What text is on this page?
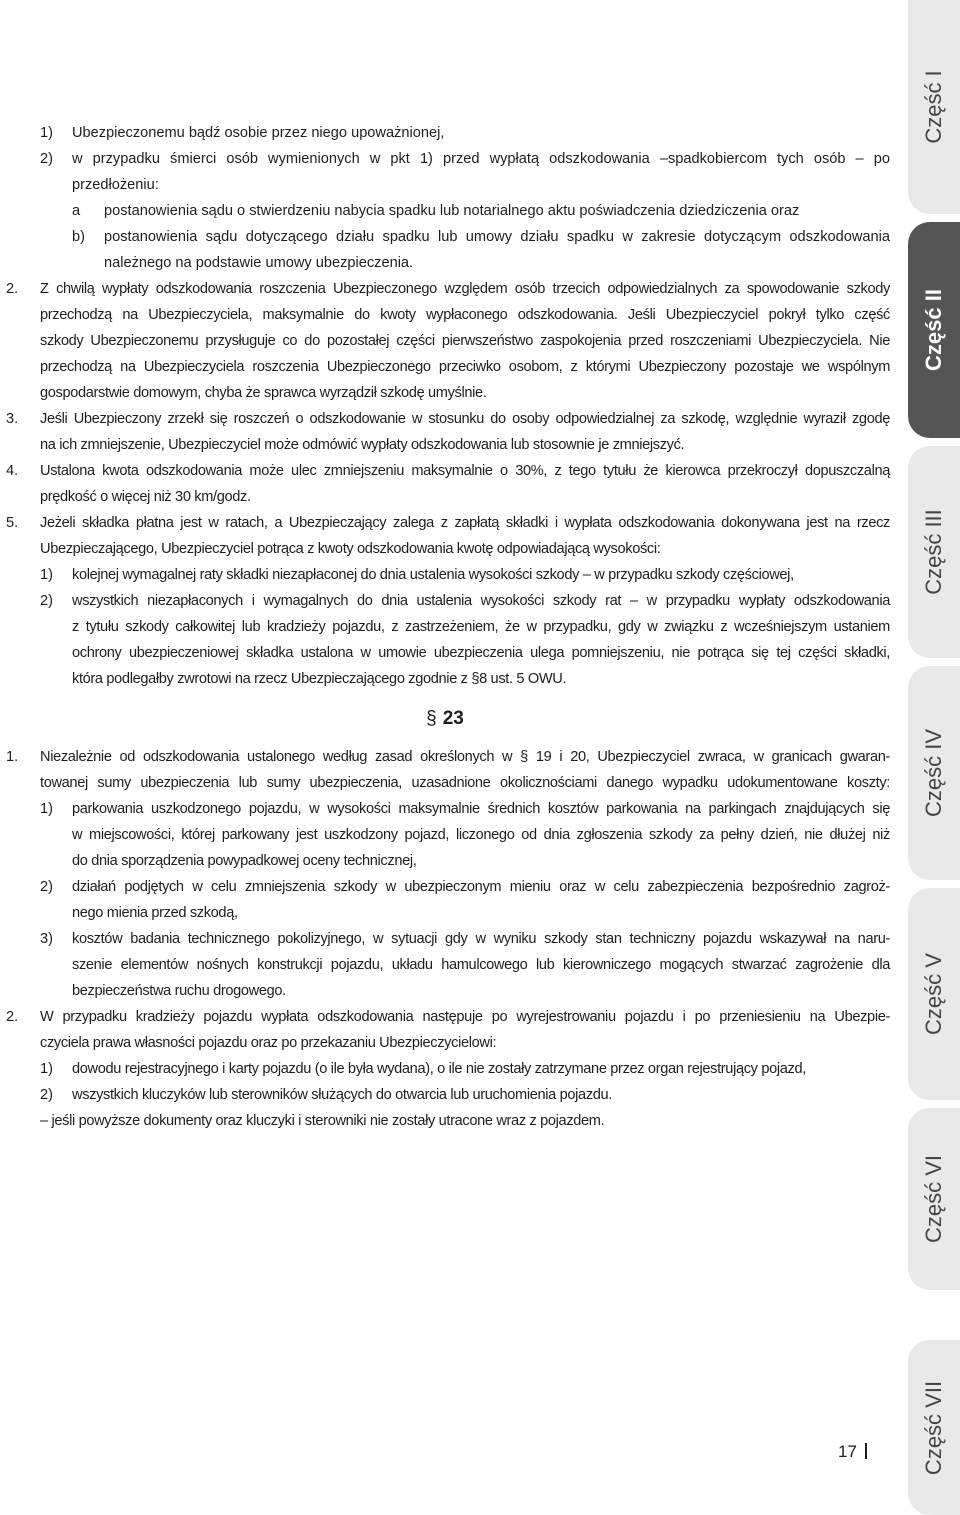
1) Ubezpieczonemu bądź osobie przez niego upoważnionej,
2) w przypadku śmierci osób wymienionych w pkt 1) przed wypłatą odszkodowania –spadkobiercom tych osób – po
przedłożeniu:
a postanowienia sądu o stwierdzeniu nabycia spadku lub notarialnego aktu poświadczenia dziedziczenia oraz
b) postanowienia sądu dotyczącego działu spadku lub umowy działu spadku w zakresie dotyczącym odszkodowania
należnego na podstawie umowy ubezpieczenia.
2. Z chwilą wypłaty odszkodowania roszczenia Ubezpieczonego względem osób trzecich odpowiedzialnych za spowodowanie szkody
przechodzą na Ubezpieczyciela, maksymalnie do kwoty wypłaconego odszkodowania. Jeśli Ubezpieczyciel pokrył tylko część
szkody Ubezpieczonemu przysługuje co do pozostałej części pierwszeństwo zaspokojenia przed roszczeniami Ubezpieczyciela. Nie
przechodzą na Ubezpieczyciela roszczenia Ubezpieczonego przeciwko osobom, z którymi Ubezpieczony pozostaje we wspólnym
gospodarstwie domowym, chyba że sprawca wyrządził szkodę umyślnie.
3. Jeśli Ubezpieczony zrzekł się roszczeń o odszkodowanie w stosunku do osoby odpowiedzialnej za szkodę, względnie wyraził zgodę
na ich zmniejszenie, Ubezpieczyciel może odmówić wypłaty odszkodowania lub stosownie je zmniejszyć.
4. Ustalona kwota odszkodowania może ulec zmniejszeniu maksymalnie o 30%, z tego tytułu że kierowca przekroczył dopuszczalną
prędkość o więcej niż 30 km/godz.
5. Jeżeli składka płatna jest w ratach, a Ubezpieczający zalega z zapłatą składki i wypłata odszkodowania dokonywana jest na rzecz
Ubezpieczającego, Ubezpieczyciel potrąca z kwoty odszkodowania kwotę odpowiadającą wysokości:
1) kolejnej wymagalnej raty składki niezapłaconej do dnia ustalenia wysokości szkody – w przypadku szkody częściowej,
2) wszystkich niezapłaconych i wymagalnych do dnia ustalenia wysokości szkody rat – w przypadku wypłaty odszkodowania
z tytułu szkody całkowitej lub kradzieży pojazdu, z zastrzeżeniem, że w przypadku, gdy w związku z wcześniejszym ustaniem
ochrony ubezpieczeniowej składka ustalona w umowie ubezpieczenia ulega pomniejszeniu, nie potrąca się tej części składki,
która podlegałby zwrotowi na rzecz Ubezpieczającego zgodnie z §8 ust. 5 OWU.
§ 23
1. Niezależnie od odszkodowania ustalonego według zasad określonych w § 19 i 20, Ubezpieczyciel zwraca, w granicach gwaran-
towanej sumy ubezpieczenia lub sumy ubezpieczenia, uzasadnione okolicznościami danego wypadku udokumentowane koszty:
1) parkowania uszkodzonego pojazdu, w wysokości maksymalnie średnich kosztów parkowania na parkingach znajdujących się
w miejscowości, której parkowany jest uszkodzony pojazd, liczonego od dnia zgłoszenia szkody za pełny dzień, nie dłużej niż
do dnia sporządzenia powypadkowej oceny technicznej,
2) działań podjętych w celu zmniejszenia szkody w ubezpieczonym mieniu oraz w celu zabezpieczenia bezpośrednio zagroż-
nego mienia przed szkodą,
3) kosztów badania technicznego pokolizyjnego, w sytuacji gdy w wyniku szkody stan techniczny pojazdu wskazywał na naru-
szenie elementów nośnych konstrukcji pojazdu, układu hamulcowego lub kierowniczego mogących stwarzać zagrożenie dla
bezpieczeństwa ruchu drogowego.
2. W przypadku kradzieży pojazdu wypłata odszkodowania następuje po wyrejestrowaniu pojazdu i po przeniesieniu na Ubezpie-
czyciela prawa własności pojazdu oraz po przekazaniu Ubezpieczycielowi:
1) dowodu rejestracyjnego i karty pojazdu (o ile była wydana), o ile nie zostały zatrzymane przez organ rejestrujący pojazd,
2) wszystkich kluczyków lub sterowników służących do otwarcia lub uruchomienia pojazdu.
– jeśli powyższe dokumenty oraz kluczyki i sterowniki nie zostały utracone wraz z pojazdem.
17
Część I
Część II
Część III
Część IV
Część V
Część VI
Część VII
